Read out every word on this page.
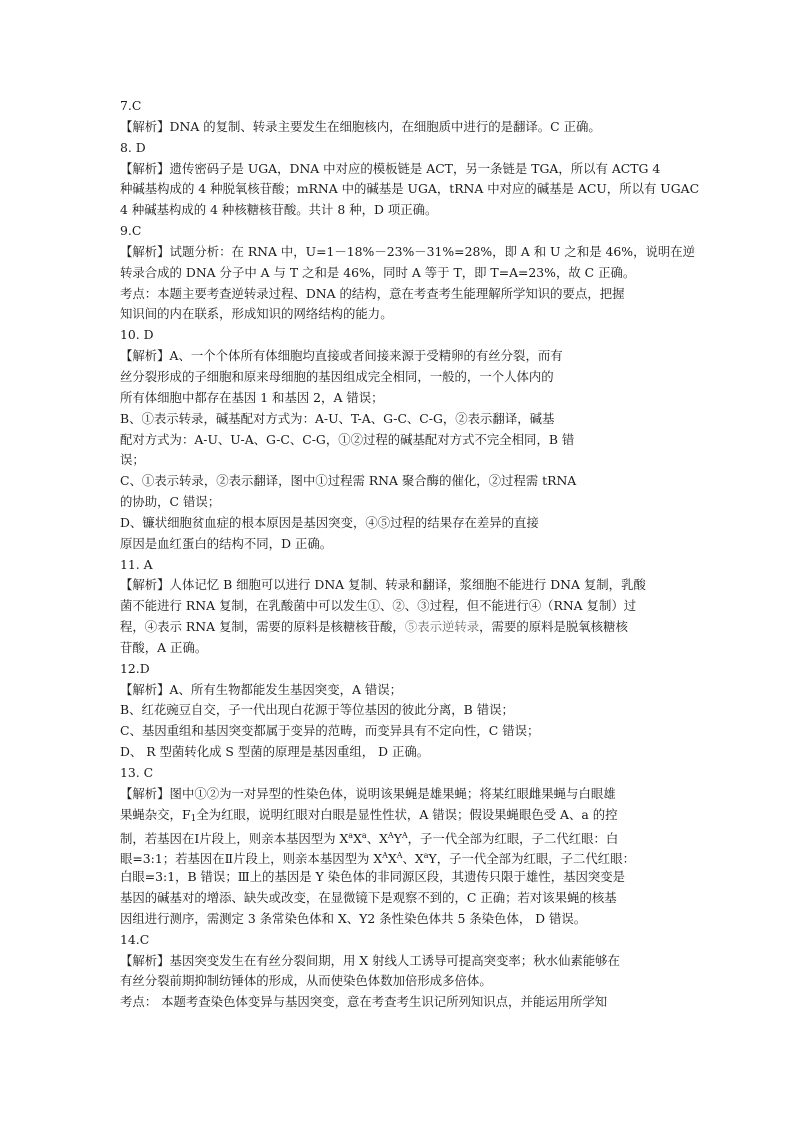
7.C
【解析】DNA 的复制、转录主要发生在细胞核内，在细胞质中进行的是翻译。C 正确。
8. D
【解析】遗传密码子是 UGA，DNA 中对应的模板链是 ACT，另一条链是 TGA，所以有 ACTG 4
种碱基构成的 4 种脱氧核苷酸；mRNA 中的碱基是 UGA，tRNA 中对应的碱基是 ACU，所以有 UGAC
4 种碱基构成的 4 种核糖核苷酸。共计 8 种，D 项正确。
9.C
【解析】试题分析：在 RNA 中，U=1－18%－23%－31%=28%，即 A 和 U 之和是 46%，说明在逆
转录合成的 DNA 分子中 A 与 T 之和是 46%，同时 A 等于 T，即 T=A=23%，故 C 正确。
考点：本题主要考查逆转录过程、DNA 的结构，意在考查考生能理解所学知识的要点，把握
知识间的内在联系，形成知识的网络结构的能力。
10. D
【解析】A、一个个体所有体细胞均直接或者间接来源于受精卵的有丝分裂，而有
丝分裂形成的子细胞和原来母细胞的基因组成完全相同，一般的，一个人体内的
所有体细胞中都存在基因 1 和基因 2，A 错误；
B、①表示转录，碱基配对方式为：A-U、T-A、G-C、C-G，②表示翻译，碱基
配对方式为：A-U、U-A、G-C、C-G，①②过程的碱基配对方式不完全相同，B 错
误；
C、①表示转录，②表示翻译，图中①过程需 RNA 聚合酶的催化，②过程需 tRNA
的协助，C 错误；
D、镰状细胞贫血症的根本原因是基因突变，④⑤过程的结果存在差异的直接
原因是血红蛋白的结构不同，D 正确。
11. A
【解析】人体记忆 B 细胞可以进行 DNA 复制、转录和翻译，浆细胞不能进行 DNA 复制，乳酸
菌不能进行 RNA 复制，在乳酸菌中可以发生①、②、③过程，但不能进行④（RNA 复制）过
程，④表示 RNA 复制，需要的原料是核糖核苷酸，⑤表示逆转录，需要的原料是脱氧核糖核
苷酸，A 正确。
12.D
【解析】A、所有生物都能发生基因突变，A 错误；
B、红花豌豆自交，子一代出现白花源于等位基因的彼此分离，B 错误；
C、基因重组和基因突变都属于变异的范畴，而变异具有不定向性，C 错误；
D、 R 型菌转化成 S 型菌的原理是基因重组， D 正确。
13. C
【解析】图中①②为一对异型的性染色体，说明该果蝇是雄果蝇；将某红眼雌果蝇与白眼雄
果蝇杂交，$F_1$全为红眼，说明红眼对白眼是显性性状，A 错误；假设果蝇眼色受 A、a 的控
制，若基因在Ⅰ片段上，则亲本基因型为 $X^aX^a$、$X^AY^A$，子一代全部为红眼，子二代红眼：白
眼=3:1；若基因在Ⅱ片段上，则亲本基因型为 $X^AX^A$、$X^aY$，子一代全部为红眼，子二代红眼：
白眼=3:1，B 错误；Ⅲ上的基因是 Y 染色体的非同源区段，其遗传只限于雄性，基因突变是
基因的碱基对的增添、缺失或改变，在显微镜下是观察不到的，C 正确；若对该果蝇的核基
因组进行测序，需测定 3 条常染色体和 X、Y2 条性染色体共 5 条染色体， D 错误。
14.C
【解析】基因突变发生在有丝分裂间期，用 X 射线人工诱导可提高突变率；秋水仙素能够在
有丝分裂前期抑制纺锤体的形成，从而使染色体数加倍形成多倍体。
考点： 本题考查染色体变异与基因突变，意在考查考生识记所列知识点，并能运用所学知
